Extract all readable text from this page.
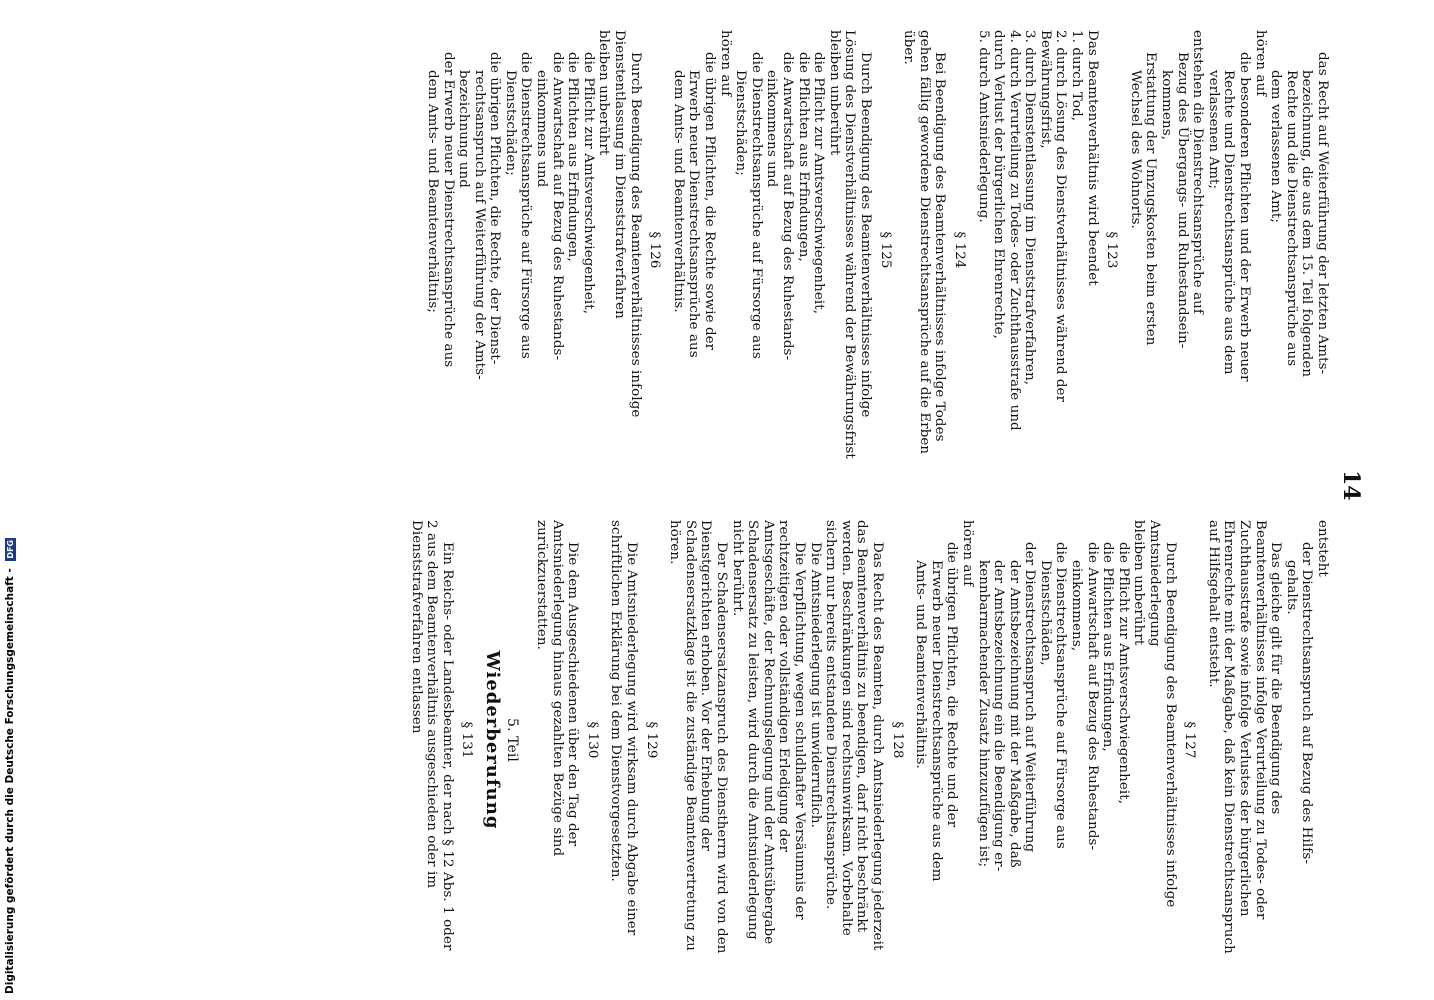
14

das Recht auf Weiterführung der letzten Amts-

bezeichnung, die aus dem 15. Teil folgenden

Rechte und die Dienstrechtsansprüche aus

dem verlassenen Amt;

hören auf

die besonderen Pflichten und der Erwerb neuer

Rechte und Dienstrechtsansprüche aus dem

verlassenen Amt;

entstehen die Dienstrechtsansprüche auf

Bezug des Übergangs- und Ruhestandsein-

kommens,

Erstattung der Umzugskosten beim ersten

Wechsel des Wohnorts.

§ 123

Das Beamtenverhältnis wird beendet

1. durch Tod,

2. durch Lösung des Dienstverhältnisses während der Bewährungsfrist,

3. durch Dienstentlassung im Dienststrafverfahren,

4. durch Verurteilung zu Todes- oder Zuchthausstrafe und durch Verlust der bürgerlichen Ehrenrechte,

5. durch Amtsniederlegung.

§ 124

Bei Beendigung des Beamtenverhältnisses infolge Todes gehen fällig gewordene Dienstrechtsansprüche auf die Erben über.

§ 125

Durch Beendigung des Beamtenverhältnisses infolge Lösung des Dienstverhältnisses während der Bewährungsfrist

bleiben unberührt

die Pflicht zur Amtsverschwiegenheit,

die Pflichten aus Erfindungen,

die Anwartschaft auf Bezug des Ruhestands-

einkommens und

die Dienstrechtsansprüche auf Fürsorge aus

Dienstschäden;

hören auf

die übrigen Pflichten, die Rechte sowie der

Erwerb neuer Dienstrechtsansprüche aus

dem Amts- und Beamtenverhältnis.

§ 126

Durch Beendigung des Beamtenverhältnisses infolge Dienstentlassung im Dienststrafverfahren

bleiben unberührt

die Pflicht zur Amtsverschwiegenheit,

die Pflichten aus Erfindungen,

die Anwartschaft auf Bezug des Ruhestands-

einkommens und

die Dienstrechtsansprüche auf Fürsorge aus

Dienstschäden;

die übrigen Pflichten, die Rechte, der Dienst-

rechtsanspruch auf Weiterführung der Amts-

bezeichnung und

der Erwerb neuer Dienstrechtsansprüche aus

dem Amts- und Beamtenverhältnis;

entsteht

der Dienstrechtsanspruch auf Bezug des Hilfs-

gehalts.

Das gleiche gilt für die Beendigung des Beamtenverhältnisses infolge Verurteilung zu Todes- oder Zuchthausstrafe sowie infolge Verlustes der bürgerlichen Ehrenrechte mit der Maßgabe, daß kein Dienstrechtsanspruch auf Hilfsgehalt entsteht.

§ 127

Durch Beendigung des Beamtenverhältnisses infolge Amtsniederlegung

bleiben unberührt

die Pflicht zur Amtsverschwiegenheit,

die Pflichten aus Erfindungen,

die Anwartschaft auf Bezug des Ruhestands-

einkommens,

die Dienstrechtsansprüche auf Fürsorge aus

Dienstschäden,

der Dienstrechtsanspruch auf Weiterführung

der Amtsbezeichnung mit der Maßgabe, daß

der Amtsbezeichnung ein die Beendigung er-

kennbarmachender Zusatz hinzuzufügen ist;

hören auf

die übrigen Pflichten, die Rechte und der

Erwerb neuer Dienstrechtsansprüche aus dem

Amts- und Beamtenverhältnis.

§ 128

Das Recht des Beamten, durch Amtsniederlegung jederzeit das Beamtenverhältnis zu beendigen, darf nicht beschränkt werden. Beschränkungen sind rechtsunwirksam. Vorbehalte sichern nur bereits entstandene Dienstrechtsansprüche.

Die Amtsniederlegung ist unwiderruflich.

Die Verpflichtung, wegen schuldhafter Versäumnis der rechtzeitigen oder vollständigen Erledigung der Amtsgeschäfte, der Rechnungslegung und der Amtsübergabe Schadensersatz zu leisten, wird durch die Amtsniederlegung nicht berührt.

Der Schadensersatzanspruch des Dienstherrn wird von den Dienstgerichten erhoben. Vor der Erhebung der Schadensersatzklage ist die zuständige Beamtenvertretung zu hören.

§ 129

Die Amtsniederlegung wird wirksam durch Abgabe einer schriftlichen Erklärung bei dem Dienstvorgesetzten.

§ 130

Die dem Ausgeschiedenen über den Tag der Amtsniederlegung hinaus gezahlten Bezüge sind zurückzuerstatten.

5. Teil

Wiederberufung

§ 131

Ein Reichs- oder Landesbeamter, der nach § 12 Abs. 1 oder 2 aus dem Beamtenverhältnis ausgeschieden oder im Dienststrafverfahren entlassen

Digitalisierung gefördert durch die Deutsche Forschungsgemeinschaft - DFG
